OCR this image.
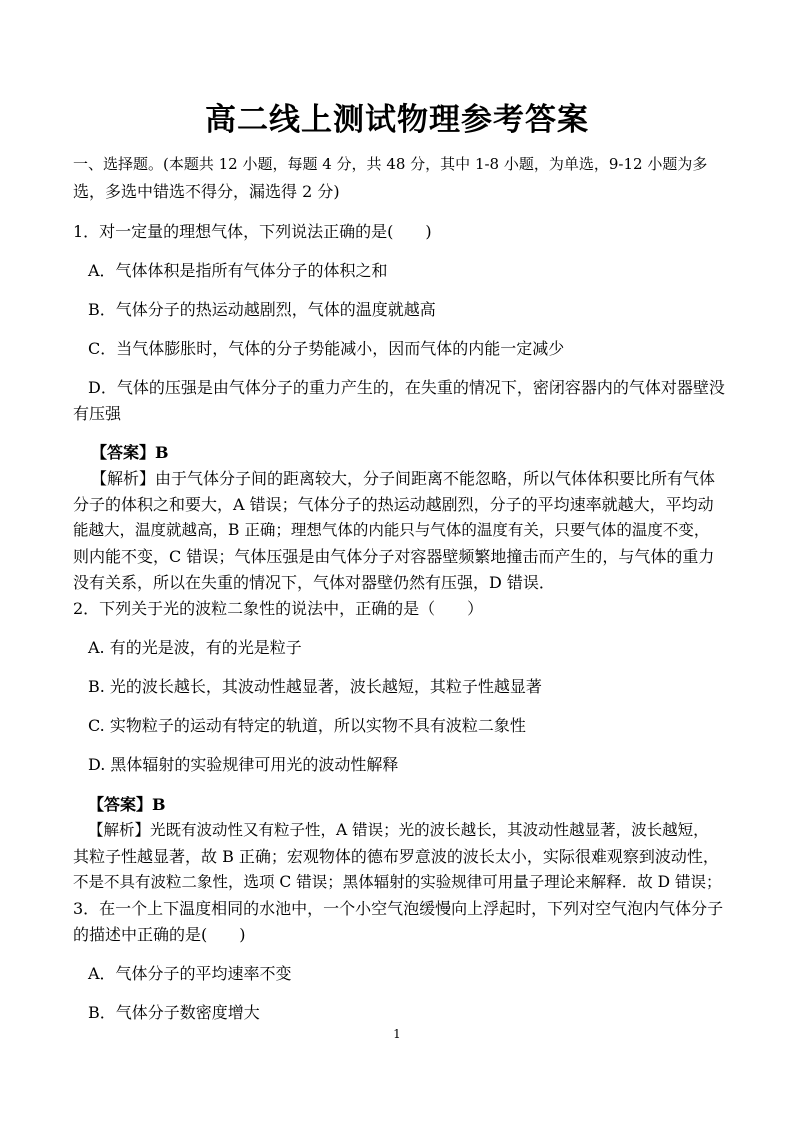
高二线上测试物理参考答案
一、选择题。(本题共 12 小题，每题 4 分，共 48 分，其中 1-8 小题，为单选，9-12 小题为多
选，多选中错选不得分，漏选得 2 分)
1．对一定量的理想气体，下列说法正确的是(　　)
A．气体体积是指所有气体分子的体积之和
B．气体分子的热运动越剧烈，气体的温度就越高
C．当气体膨胀时，气体的分子势能减小，因而气体的内能一定减少
D．气体的压强是由气体分子的重力产生的，在失重的情况下，密闭容器内的气体对器壁没
有压强
【答案】B
【解析】由于气体分子间的距离较大，分子间距离不能忽略，所以气体体积要比所有气体
分子的体积之和要大，A 错误；气体分子的热运动越剧烈，分子的平均速率就越大，平均动
能越大，温度就越高，B 正确；理想气体的内能只与气体的温度有关，只要气体的温度不变，
则内能不变，C 错误；气体压强是由气体分子对容器壁频繁地撞击而产生的，与气体的重力
没有关系，所以在失重的情况下，气体对器壁仍然有压强，D 错误．
2．下列关于光的波粒二象性的说法中，正确的是（　　）
A. 有的光是波，有的光是粒子
B. 光的波长越长，其波动性越显著，波长越短，其粒子性越显著
C. 实物粒子的运动有特定的轨道，所以实物不具有波粒二象性
D. 黑体辐射的实验规律可用光的波动性解释
【答案】B
【解析】光既有波动性又有粒子性，A 错误；光的波长越长，其波动性越显著，波长越短，
其粒子性越显著，故 B 正确；宏观物体的德布罗意波的波长太小，实际很难观察到波动性，
不是不具有波粒二象性，选项 C 错误；黑体辐射的实验规律可用量子理论来解释．故 D 错误；
3．在一个上下温度相同的水池中，一个小空气泡缓慢向上浮起时，下列对空气泡内气体分子
的描述中正确的是(　　)
A．气体分子的平均速率不变
B．气体分子数密度增大
1
